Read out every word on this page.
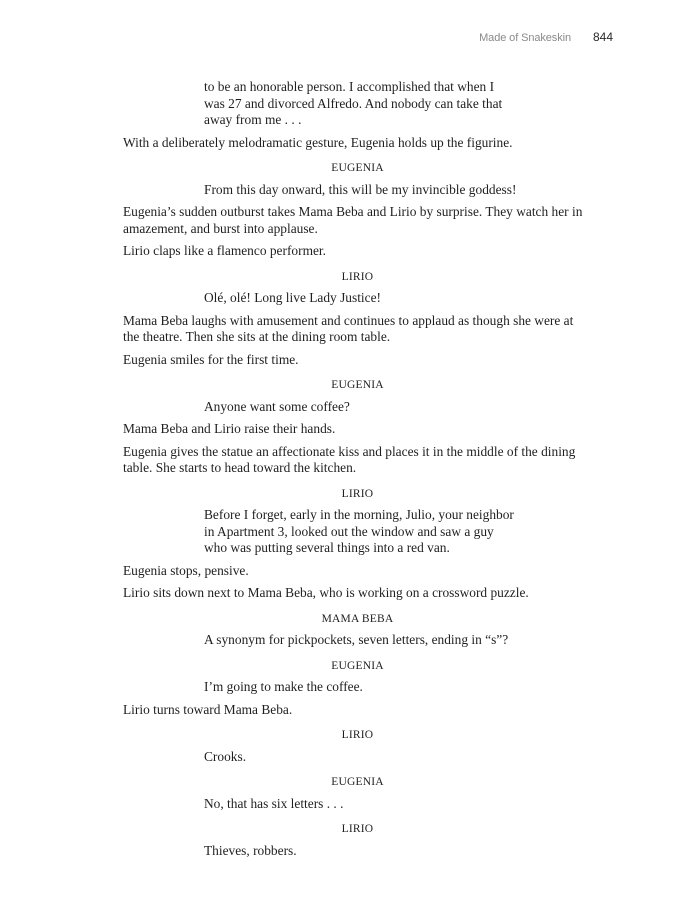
Made of Snakeskin 844
to be an honorable person. I accomplished that when I
was 27 and divorced Alfredo. And nobody can take that
away from me . . .
With a deliberately melodramatic gesture, Eugenia holds up the figurine.
EUGENIA
From this day onward, this will be my invincible goddess!
Eugenia’s sudden outburst takes Mama Beba and Lirio by surprise. They watch her in
amazement, and burst into applause.
Lirio claps like a flamenco performer.
LIRIO
Olé, olé! Long live Lady Justice!
Mama Beba laughs with amusement and continues to applaud as though she were at
the theatre. Then she sits at the dining room table.
Eugenia smiles for the first time.
EUGENIA
Anyone want some coffee?
Mama Beba and Lirio raise their hands.
Eugenia gives the statue an affectionate kiss and places it in the middle of the dining
table. She starts to head toward the kitchen.
LIRIO
Before I forget, early in the morning, Julio, your neighbor
in Apartment 3, looked out the window and saw a guy
who was putting several things into a red van.
Eugenia stops, pensive.
Lirio sits down next to Mama Beba, who is working on a crossword puzzle.
MAMA BEBA
A synonym for pickpockets, seven letters, ending in “s”?
EUGENIA
I’m going to make the coffee.
Lirio turns toward Mama Beba.
LIRIO
Crooks.
EUGENIA
No, that has six letters . . .
LIRIO
Thieves, robbers.
